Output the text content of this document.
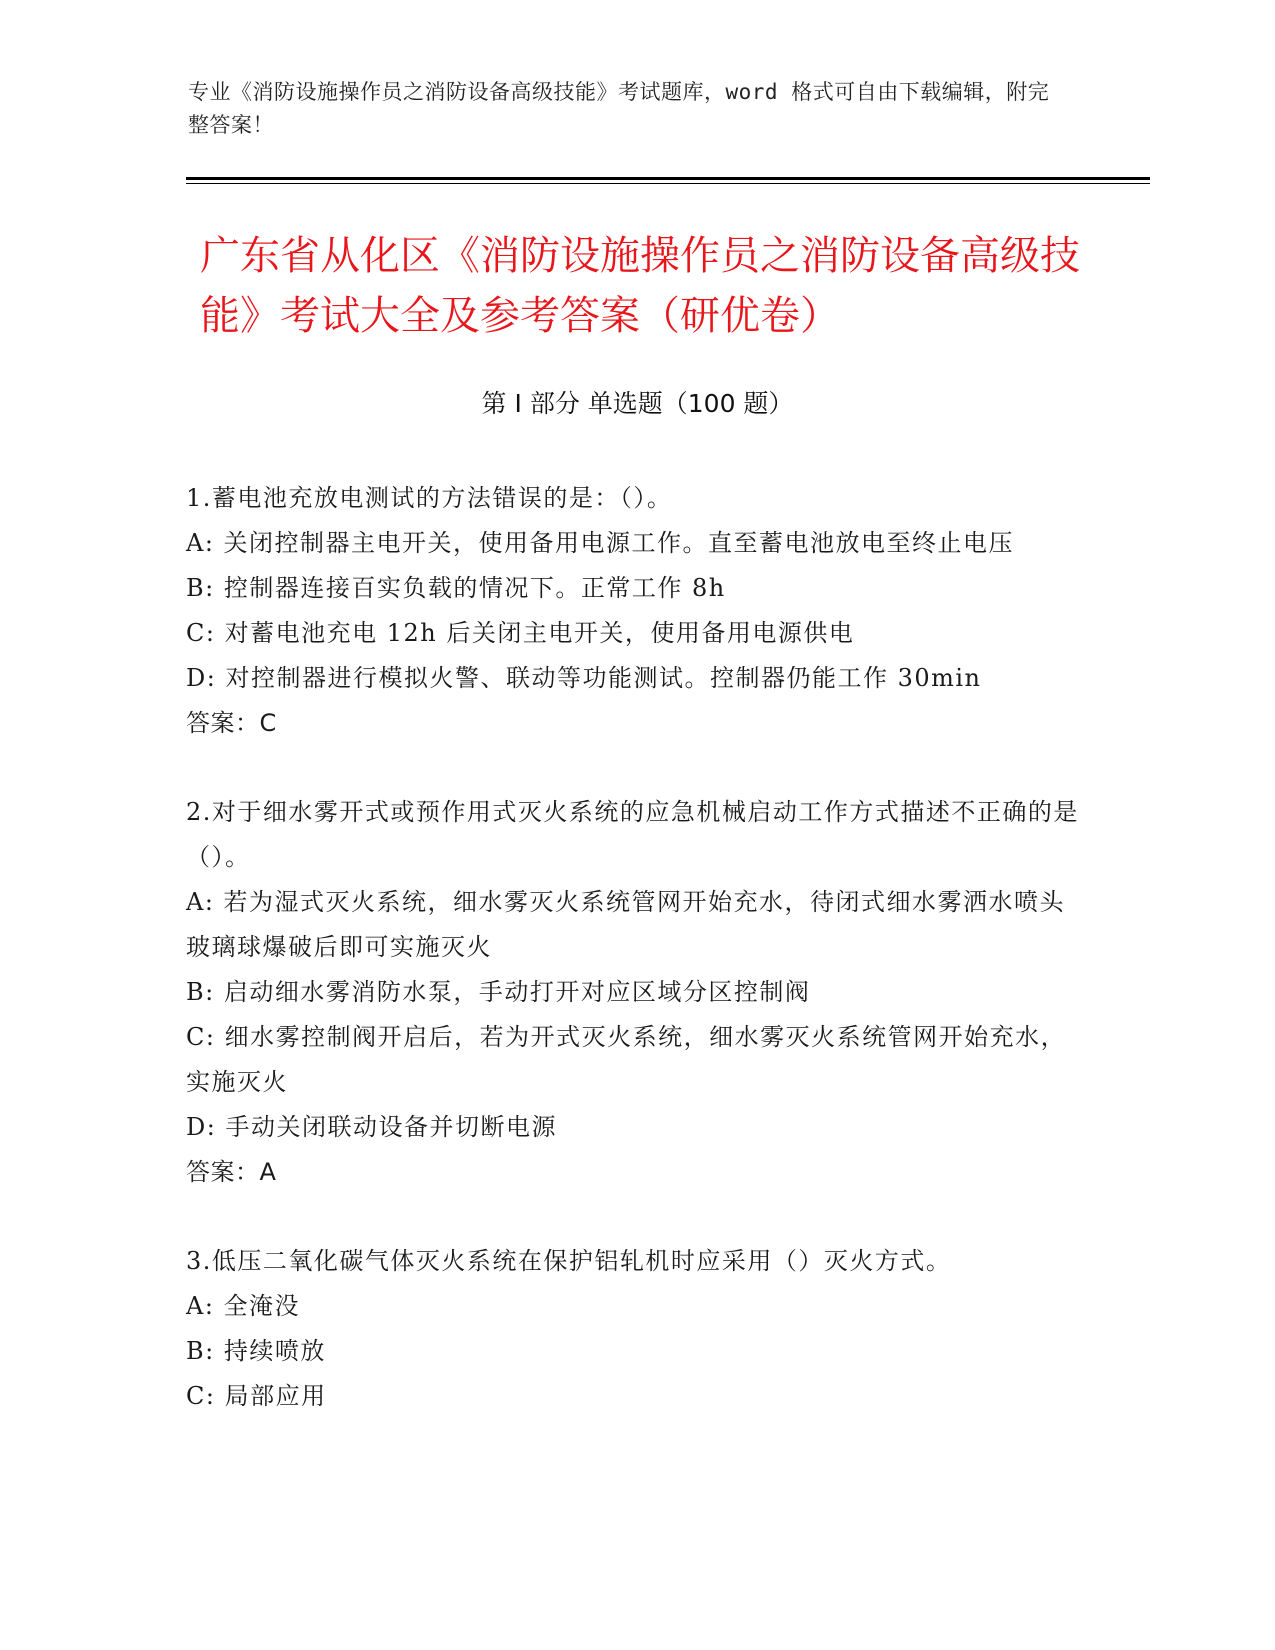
专业《消防设施操作员之消防设备高级技能》考试题库，word 格式可自由下载编辑，附完整答案！
广东省从化区《消防设施操作员之消防设备高级技能》考试大全及参考答案（研优卷）
第 I 部分 单选题（100 题）

1.蓄电池充放电测试的方法错误的是：（）。

A: 关闭控制器主电开关，使用备用电源工作。直至蓄电池放电至终止电压

B: 控制器连接百实负载的情况下。正常工作 8h

C: 对蓄电池充电 12h 后关闭主电开关，使用备用电源供电

D: 对控制器进行模拟火警、联动等功能测试。控制器仍能工作 30min

答案：C

2.对于细水雾开式或预作用式灭火系统的应急机械启动工作方式描述不正确的是（）。

A: 若为湿式灭火系统，细水雾灭火系统管网开始充水，待闭式细水雾洒水喷头玻璃球爆破后即可实施灭火

B: 启动细水雾消防水泵，手动打开对应区域分区控制阀

C: 细水雾控制阀开启后，若为开式灭火系统，细水雾灭火系统管网开始充水，实施灭火

D: 手动关闭联动设备并切断电源

答案：A

3.低压二氧化碳气体灭火系统在保护铝轧机时应采用（）灭火方式。

A: 全淹没

B: 持续喷放

C: 局部应用
